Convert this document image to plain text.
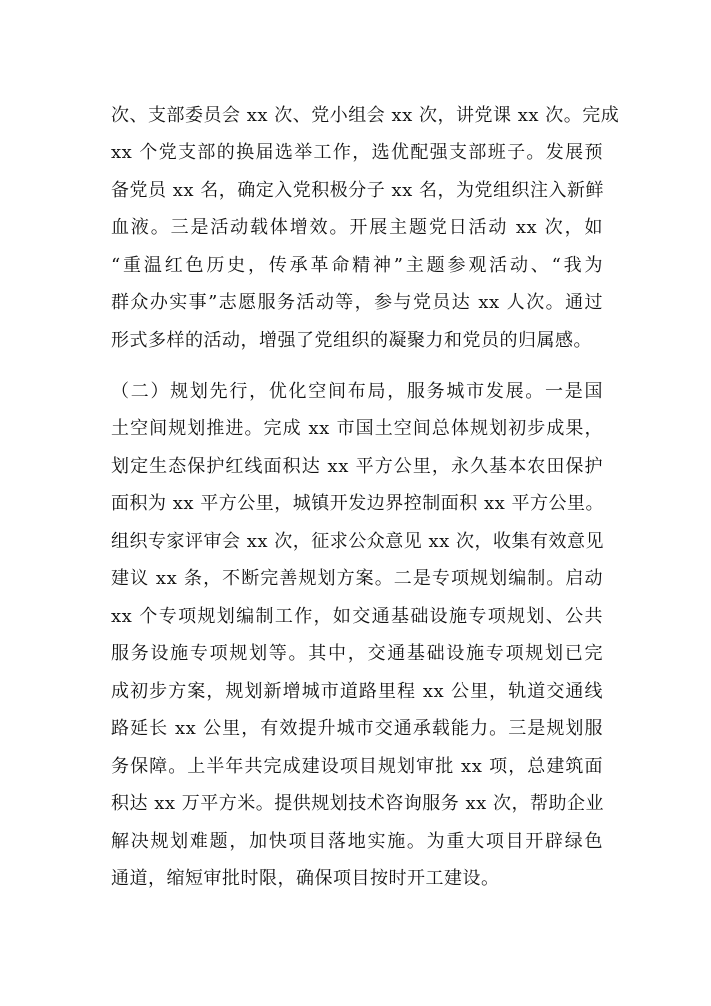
次、支部委员会 xx 次、党小组会 xx 次，讲党课 xx 次。完成
xx 个党支部的换届选举工作，选优配强支部班子。发展预
备党员 xx 名，确定入党积极分子 xx 名，为党组织注入新鲜
血液。三是活动载体增效。开展主题党日活动 xx 次，如
“重温红色历史，传承革命精神”主题参观活动、“我为
群众办实事”志愿服务活动等，参与党员达 xx 人次。通过
形式多样的活动，增强了党组织的凝聚力和党员的归属感。
（二）规划先行，优化空间布局，服务城市发展。一是国
土空间规划推进。完成 xx 市国土空间总体规划初步成果，
划定生态保护红线面积达 xx 平方公里，永久基本农田保护
面积为 xx 平方公里，城镇开发边界控制面积 xx 平方公里。
组织专家评审会 xx 次，征求公众意见 xx 次，收集有效意见
建议 xx 条，不断完善规划方案。二是专项规划编制。启动
xx 个专项规划编制工作，如交通基础设施专项规划、公共
服务设施专项规划等。其中，交通基础设施专项规划已完
成初步方案，规划新增城市道路里程 xx 公里，轨道交通线
路延长 xx 公里，有效提升城市交通承载能力。三是规划服
务保障。上半年共完成建设项目规划审批 xx 项，总建筑面
积达 xx 万平方米。提供规划技术咨询服务 xx 次，帮助企业
解决规划难题，加快项目落地实施。为重大项目开辟绿色
通道，缩短审批时限，确保项目按时开工建设。
